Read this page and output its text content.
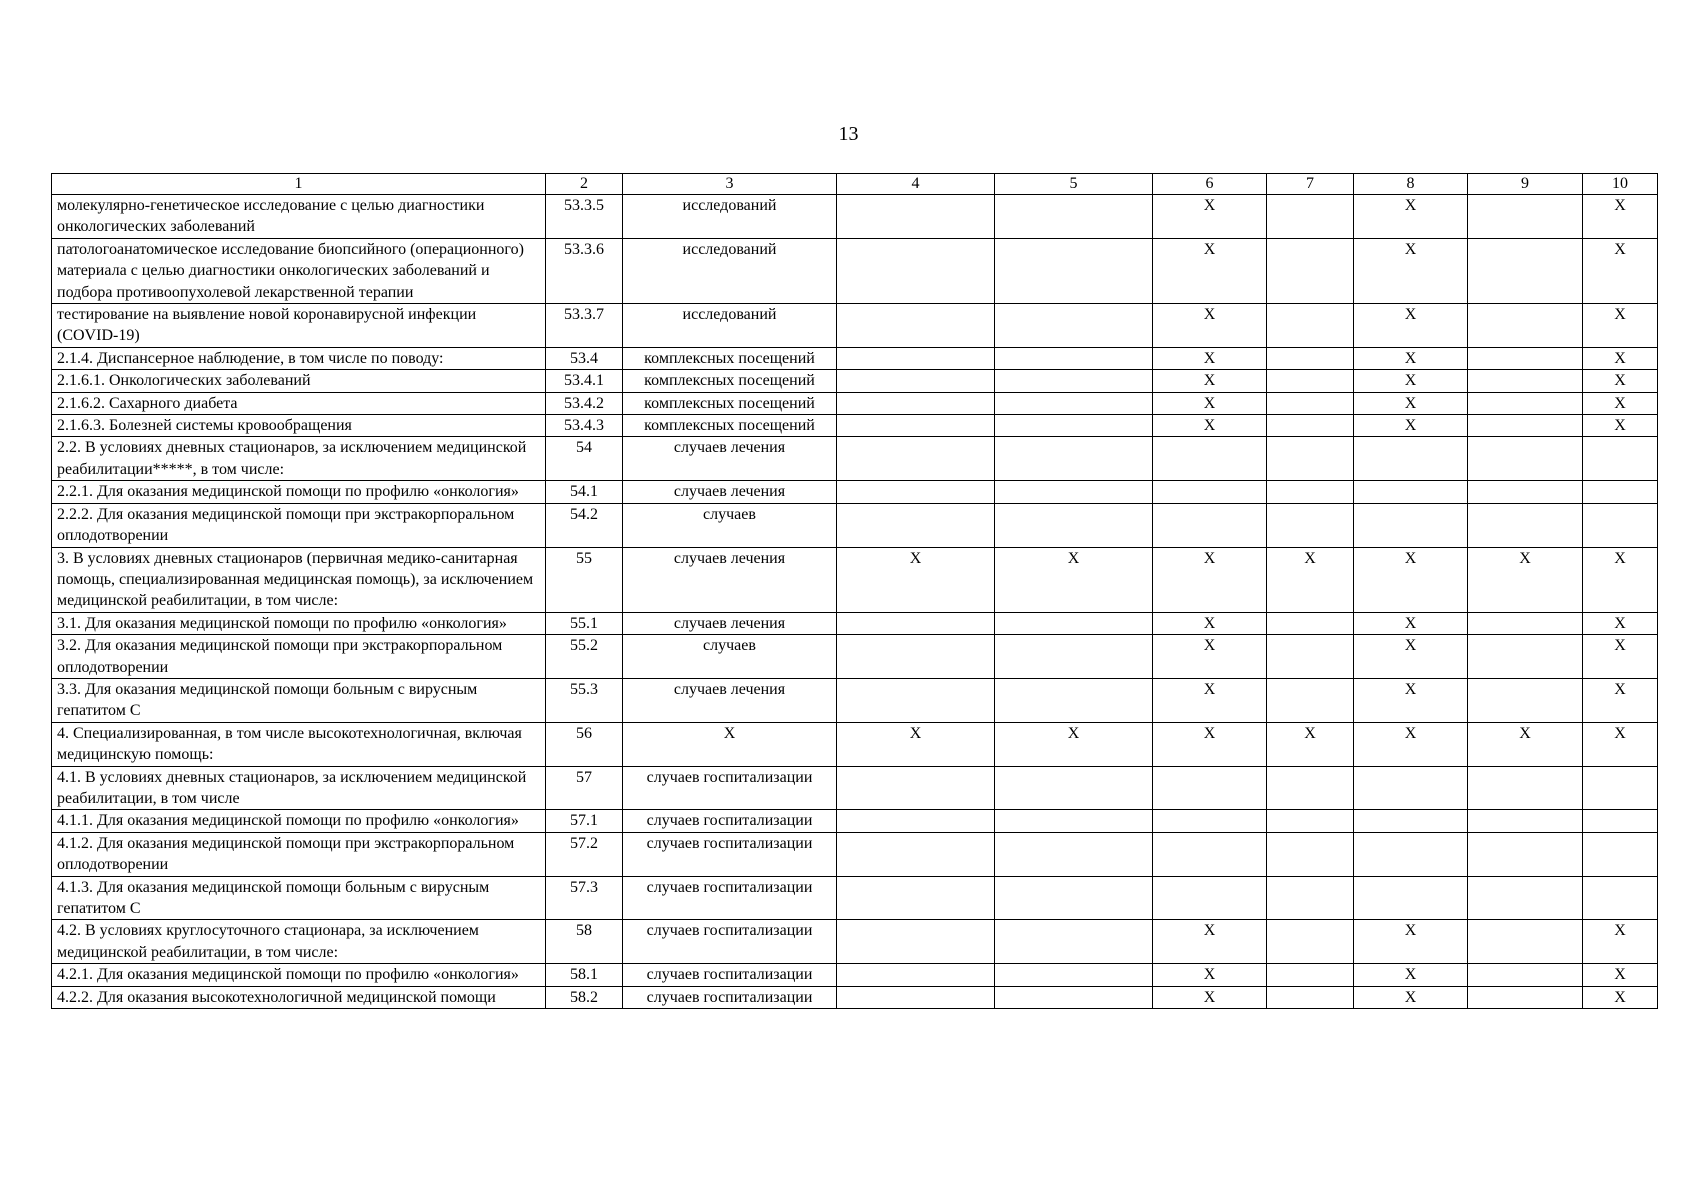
13
1	2	3	4	5	6	7	8	9	10
молекулярно-генетическое исследование с целью диагностики онкологических заболеваний	53.3.5	исследований			Х		Х		Х
патологоанатомическое исследование биопсийного (операционного) материала с целью диагностики онкологических заболеваний и подбора противоопухолевой лекарственной терапии	53.3.6	исследований			Х		Х		Х
тестирование на выявление новой коронавирусной инфекции (COVID-19)	53.3.7	исследований			Х		Х		Х
2.1.4. Диспансерное наблюдение, в том числе по поводу:	53.4	комплексных посещений			Х		Х		Х
2.1.6.1. Онкологических заболеваний	53.4.1	комплексных посещений			Х		Х		Х
2.1.6.2. Сахарного диабета	53.4.2	комплексных посещений			Х		Х		Х
2.1.6.3. Болезней системы кровообращения	53.4.3	комплексных посещений			Х		Х		Х
2.2. В условиях дневных стационаров, за исключением медицинской реабилитации*****, в том числе:	54	случаев лечения							
2.2.1. Для оказания медицинской помощи по профилю «онкология»	54.1	случаев лечения							
2.2.2. Для оказания медицинской помощи при экстракорпоральном оплодотворении	54.2	случаев							
3. В условиях дневных стационаров (первичная медико-санитарная помощь, специализированная медицинская помощь), за исключением медицинской реабилитации, в том числе:	55	случаев лечения	Х	Х	Х	Х	Х	Х	Х
3.1. Для оказания медицинской помощи по профилю «онкология»	55.1	случаев лечения			Х		Х		Х
3.2. Для оказания медицинской помощи при экстракорпоральном оплодотворении	55.2	случаев			Х		Х		Х
3.3. Для оказания медицинской помощи больным с вирусным гепатитом С	55.3	случаев лечения			Х		Х		Х
4. Специализированная, в том числе высокотехнологичная, включая медицинскую помощь:	56	Х	Х	Х	Х	Х	Х	Х	Х
4.1. В условиях дневных стационаров, за исключением медицинской реабилитации, в том числе	57	случаев госпитализации							
4.1.1. Для оказания медицинской помощи по профилю «онкология»	57.1	случаев госпитализации							
4.1.2. Для оказания медицинской помощи при экстракорпоральном оплодотворении	57.2	случаев госпитализации							
4.1.3. Для оказания медицинской помощи больным с вирусным гепатитом С	57.3	случаев госпитализации							
4.2. В условиях круглосуточного стационара, за исключением медицинской реабилитации, в том числе:	58	случаев госпитализации			Х		Х		Х
4.2.1. Для оказания медицинской помощи по профилю «онкология»	58.1	случаев госпитализации			Х		Х		Х
4.2.2. Для оказания высокотехнологичной медицинской помощи	58.2	случаев госпитализации			Х		Х		Х
